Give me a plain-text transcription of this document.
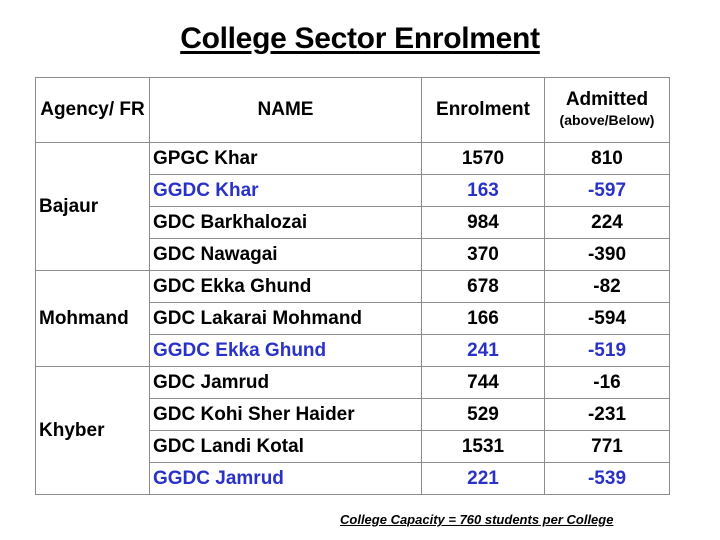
College Sector Enrolment
Agency/ FR	NAME	Enrolment	Admitted
(above/Below)

Bajaur	GPGC Khar	1570	810
	GGDC Khar	163	-597
	GDC Barkhalozai	984	224
	GDC Nawagai	370	-390
Mohmand	GDC Ekka Ghund	678	-82
	GDC Lakarai Mohmand	166	-594
	GGDC Ekka Ghund	241	-519
Khyber	GDC Jamrud	744	-16
	GDC Kohi Sher Haider	529	-231
	GDC Landi Kotal	1531	771
	GGDC Jamrud	221	-539
College Capacity = 760 students per College
